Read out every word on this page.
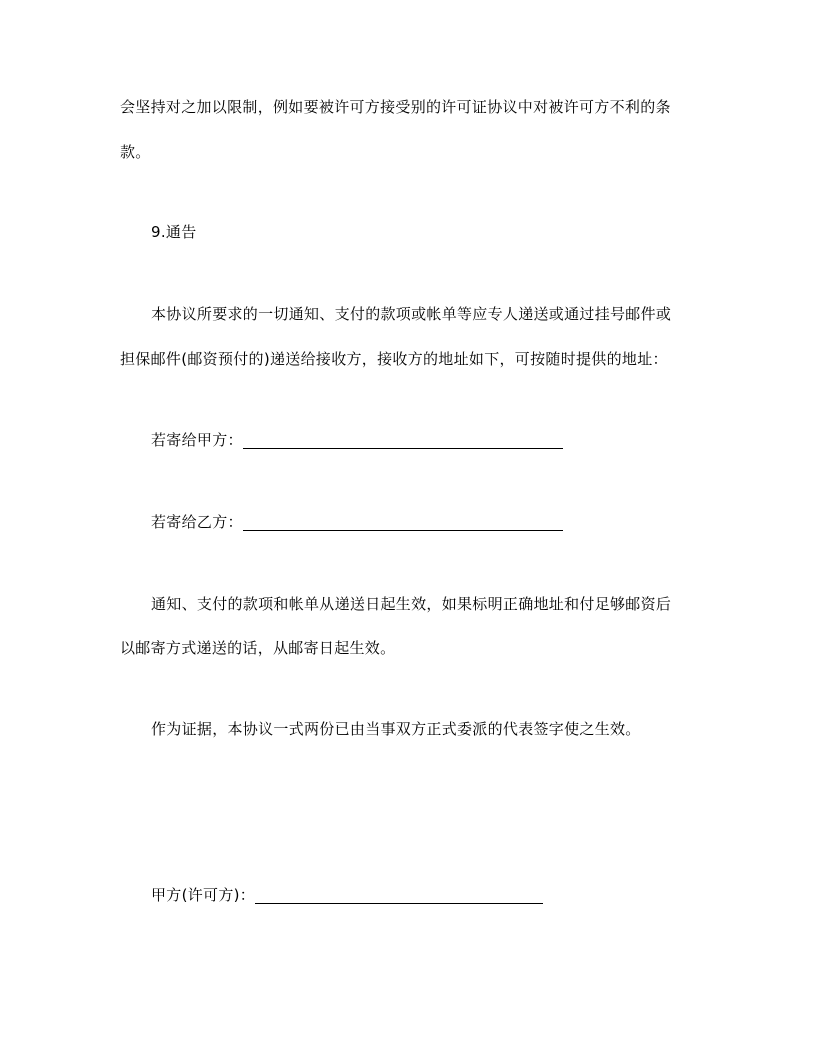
会坚持对之加以限制，例如要被许可方接受别的许可证协议中对被许可方不利的条
款。
9.通告
本协议所要求的一切通知、支付的款项或帐单等应专人递送或通过挂号邮件或
担保邮件(邮资预付的)递送给接收方，接收方的地址如下，可按随时提供的地址：
若寄给甲方：
若寄给乙方：
通知、支付的款项和帐单从递送日起生效，如果标明正确地址和付足够邮资后
以邮寄方式递送的话，从邮寄日起生效。
作为证据，本协议一式两份已由当事双方正式委派的代表签字使之生效。
甲方(许可方)：
